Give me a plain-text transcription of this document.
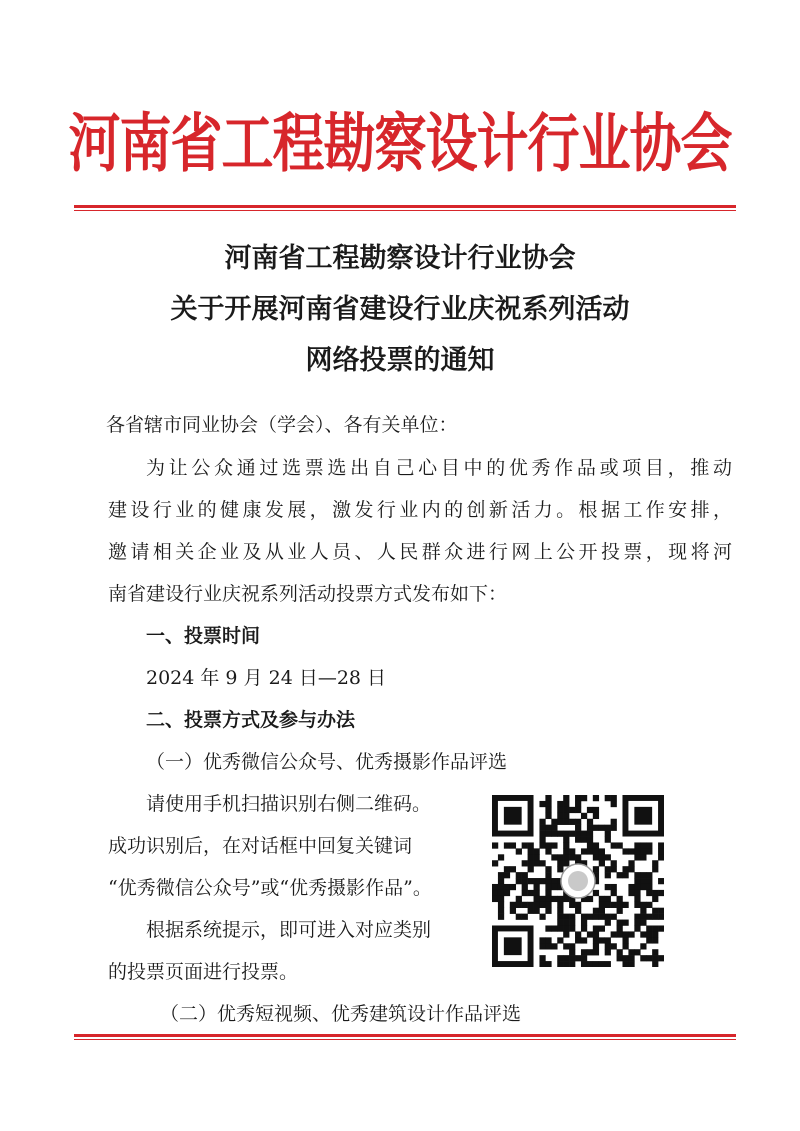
河南省工程勘察设计行业协会
河南省工程勘察设计行业协会
关于开展河南省建设行业庆祝系列活动
网络投票的通知
各省辖市同业协会（学会）、各有关单位：
为让公众通过选票选出自己心目中的优秀作品或项目，推动
建设行业的健康发展，激发行业内的创新活力。根据工作安排，
邀请相关企业及从业人员、人民群众进行网上公开投票，现将河
南省建设行业庆祝系列活动投票方式发布如下：
一、投票时间
2024 年 9 月 24 日—28 日
二、投票方式及参与办法
（一）优秀微信公众号、优秀摄影作品评选
请使用手机扫描识别右侧二维码。
成功识别后，在对话框中回复关键词
“优秀微信公众号”或“优秀摄影作品”。
根据系统提示，即可进入对应类别
的投票页面进行投票。
（二）优秀短视频、优秀建筑设计作品评选
